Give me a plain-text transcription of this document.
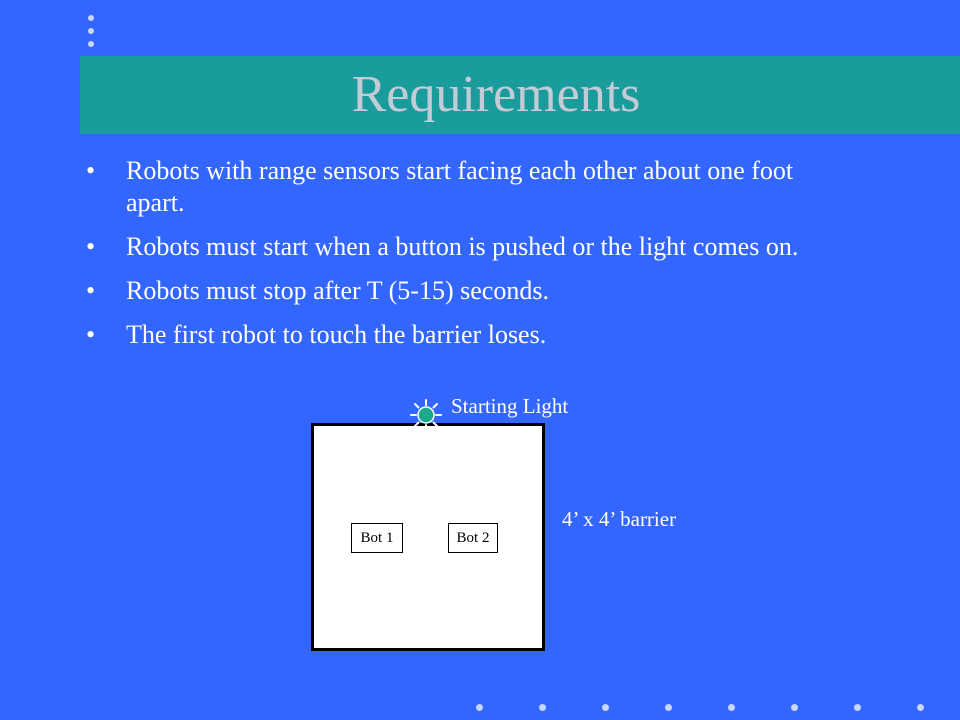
Requirements
• Robots with range sensors start facing each other about one foot apart.
• Robots must start when a button is pushed or the light comes on.
• Robots must stop after T (5-15) seconds.
• The first robot to touch the barrier loses.
Bot 1	Bot 2
Starting Light
4’ x 4’ barrier
